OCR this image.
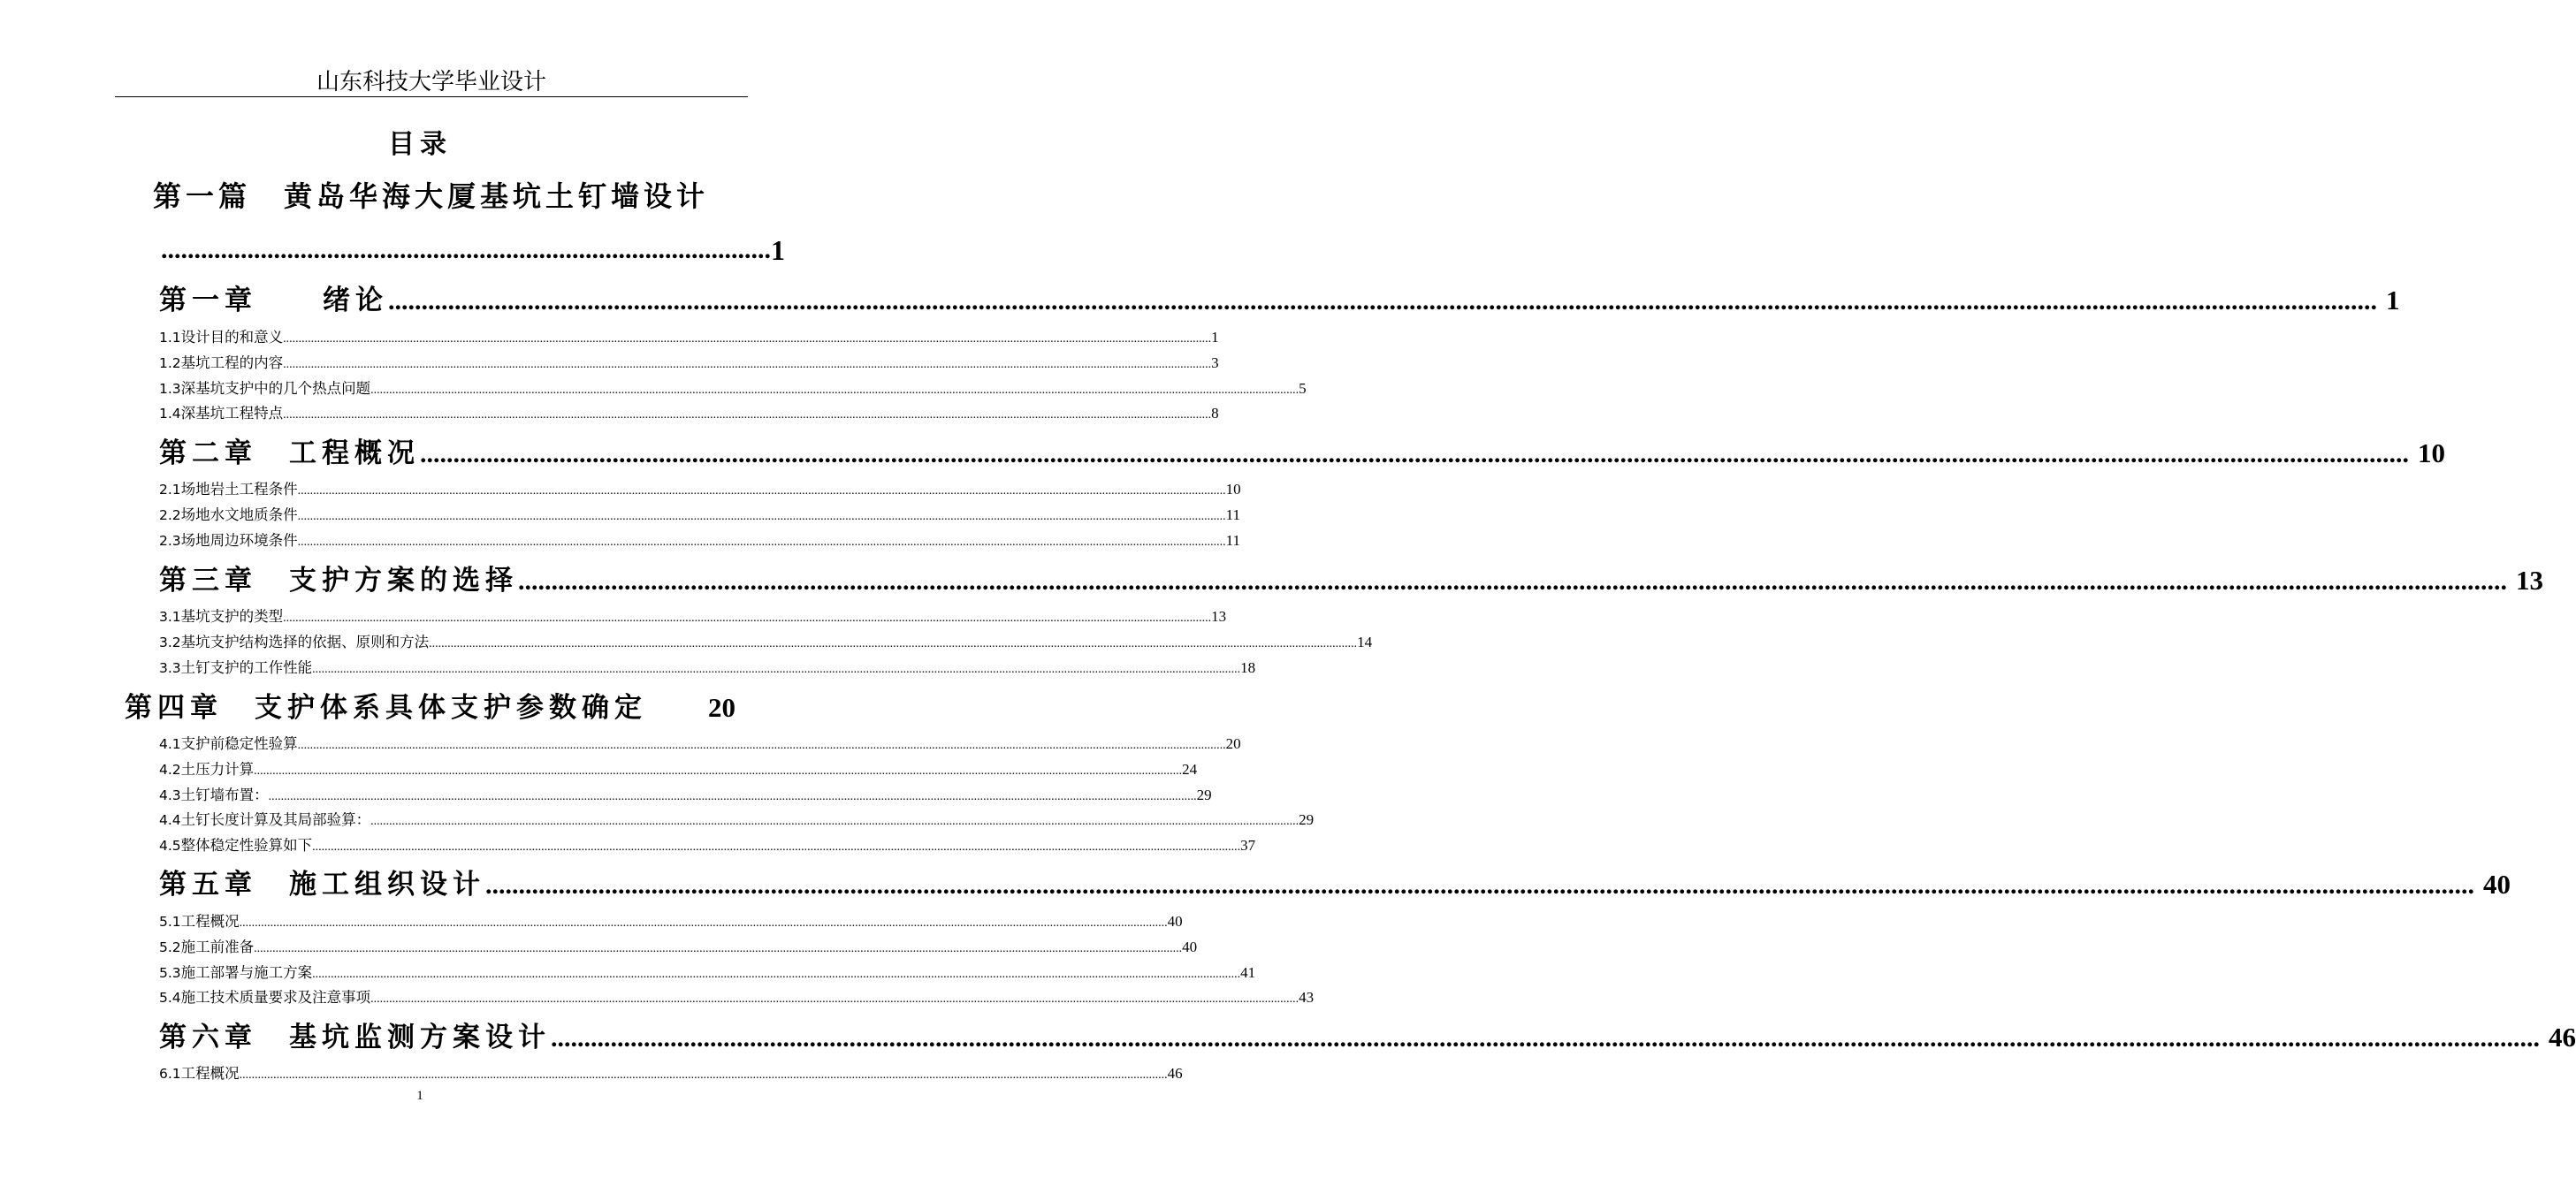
山东科技大学毕业设计
目录
第一篇　黄岛华海大厦基坑土钉墙设计
............................................................................................ 1
第一章 绪论 ............................................................................................................................................................................................................................................................................................................ 1
1.1 设计目的和意义 ............................................................................................................................................................................................................................................................................................................ 1
1.2 基坑工程的内容 ............................................................................................................................................................................................................................................................................................................ 3
1.3 深基坑支护中的几个热点问题 ............................................................................................................................................................................................................................................................................................................ 5
1.4 深基坑工程特点 ............................................................................................................................................................................................................................................................................................................ 8
第二章 工程概况 ............................................................................................................................................................................................................................................................................................................ 10
2.1 场地岩土工程条件 ............................................................................................................................................................................................................................................................................................................ 10
2.2 场地水文地质条件 ............................................................................................................................................................................................................................................................................................................ 11
2.3 场地周边环境条件 ............................................................................................................................................................................................................................................................................................................ 11
第三章 支护方案的选择 ............................................................................................................................................................................................................................................................................................................ 13
3.1 基坑支护的类型 ............................................................................................................................................................................................................................................................................................................ 13
3.2 基坑支护结构选择的依据、原则和方法 ............................................................................................................................................................................................................................................................................................................ 14
3.3 土钉支护的工作性能 ............................................................................................................................................................................................................................................................................................................ 18
第四章 支护体系具体支护参数确定 20
4.1 支护前稳定性验算 ............................................................................................................................................................................................................................................................................................................ 20
4.2 土压力计算 ............................................................................................................................................................................................................................................................................................................ 24
4.3 土钉墙布置： ............................................................................................................................................................................................................................................................................................................ 29
4.4 土钉长度计算及其局部验算： ............................................................................................................................................................................................................................................................................................................ 29
4.5 整体稳定性验算如下 ............................................................................................................................................................................................................................................................................................................ 37
第五章 施工组织设计 ............................................................................................................................................................................................................................................................................................................ 40
5.1 工程概况 ............................................................................................................................................................................................................................................................................................................ 40
5.2 施工前准备 ............................................................................................................................................................................................................................................................................................................ 40
5.3 施工部署与施工方案 ............................................................................................................................................................................................................................................................................................................ 41
5.4 施工技术质量要求及注意事项 ............................................................................................................................................................................................................................................................................................................ 43
第六章 基坑监测方案设计 ............................................................................................................................................................................................................................................................................................................ 46
6.1 工程概况 ............................................................................................................................................................................................................................................................................................................ 46
1
